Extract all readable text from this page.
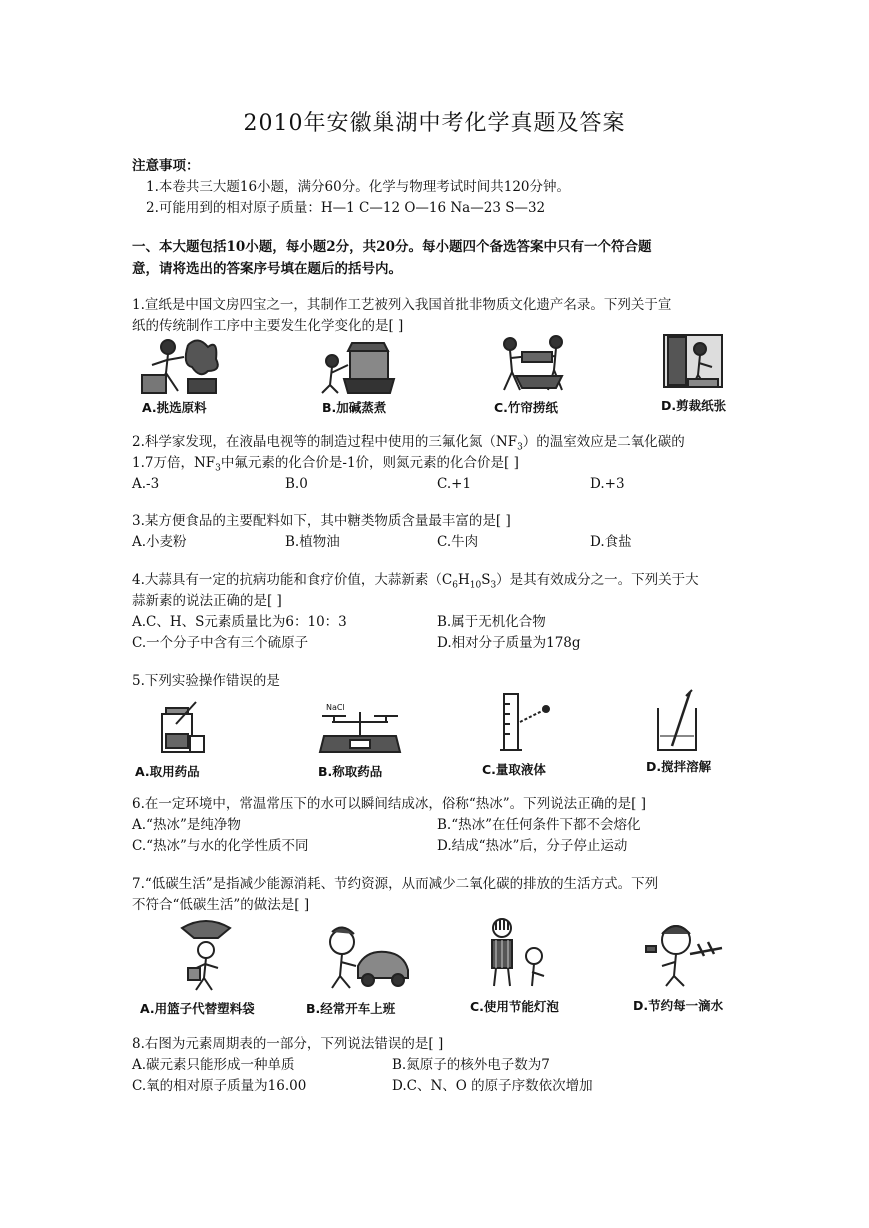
2010年安徽巢湖中考化学真题及答案
注意事项：
1.本卷共三大题16小题，满分60分。化学与物理考试时间共120分钟。
2.可能用到的相对原子质量：H—1 C—12 O—16 Na—23 S—32
一、本大题包括10小题，每小题2分，共20分。每小题四个备选答案中只有一个符合题
意，请将选出的答案序号填在题后的括号内。
1.宣纸是中国文房四宝之一，其制作工艺被列入我国首批非物质文化遗产名录。下列关于宣
纸的传统制作工序中主要发生化学变化的是[ ]
A.挑选原料	B.加碱蒸煮	C.竹帘捞纸	D.剪裁纸张
2.科学家发现，在液晶电视等的制造过程中使用的三氟化氮$(NF_3)$的温室效应是二氧化碳的
1.7万倍，$NF_3$中氟元素的化合价是-1价，则氮元素的化合价是[ ]
A.-3	B.0	C.+1	D.+3
3.某方便食品的主要配料如下，其中糖类物质含量最丰富的是[ ]
A.小麦粉	B.植物油	C.牛肉	D.食盐
4.大蒜具有一定的抗病功能和食疗价值，大蒜新素$(C_6H_{10}S_3)$是其有效成分之一。下列关于大
蒜新素的说法正确的是[ ]
A.C、H、S元素质量比为6：10：3	B.属于无机化合物
C.一个分子中含有三个硫原子	D.相对分子质量为178g
5.下列实验操作错误的是
A.取用药品
NaCl
B.称取药品	C.量取液体	D.搅拌溶解
6.在一定环境中，常温常压下的水可以瞬间结成冰，俗称“热冰”。下列说法正确的是[ ]
A.“热冰”是纯净物	B.“热冰”在任何条件下都不会熔化
C.“热冰”与水的化学性质不同	D.结成“热冰”后，分子停止运动
7.“低碳生活”是指减少能源消耗、节约资源，从而减少二氧化碳的排放的生活方式。下列
不符合“低碳生活”的做法是[ ]
A.用篮子代替塑料袋	B.经常开车上班	C.使用节能灯泡	D.节约每一滴水
8.右图为元素周期表的一部分，下列说法错误的是[ ]
A.碳元素只能形成一种单质	B.氮原子的核外电子数为7
C.氧的相对原子质量为16.00	D.C、N、O 的原子序数依次增加
